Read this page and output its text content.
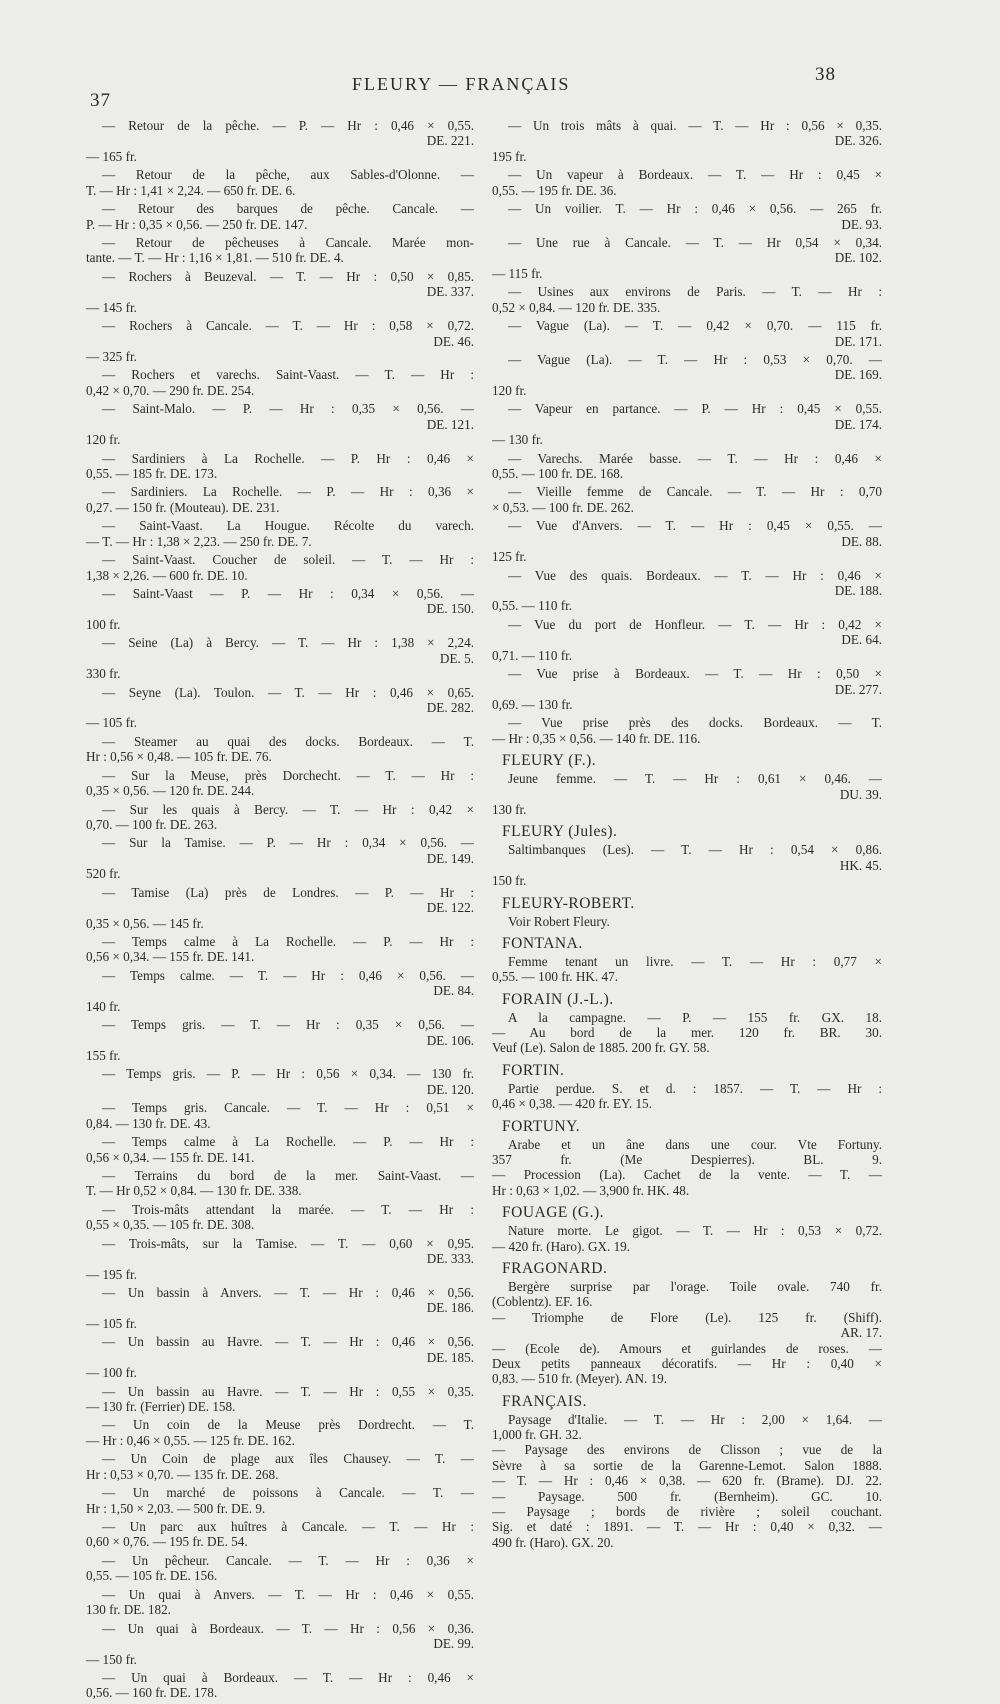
37
FLEURY — FRANÇAIS	38
— Retour de la pêche. — P. — Hr : 0,46 × 0,55.
DE. 221.
— 165 fr.
— Retour de la pêche, aux Sables-d'Olonne. —
T. — Hr : 1,41 × 2,24. — 650 fr. DE. 6.
— Retour des barques de pêche. Cancale. —
P. — Hr : 0,35 × 0,56. — 250 fr. DE. 147.
— Retour de pêcheuses à Cancale. Marée mon-
tante. — T. — Hr : 1,16 × 1,81. — 510 fr. DE. 4.
— Rochers à Beuzeval. — T. — Hr : 0,50 × 0,85.
DE. 337.
— 145 fr.
— Rochers à Cancale. — T. — Hr : 0,58 × 0,72.
DE. 46.
— 325 fr.
— Rochers et varechs. Saint-Vaast. — T. — Hr :
0,42 × 0,70. — 290 fr. DE. 254.
— Saint-Malo. — P. — Hr : 0,35 × 0,56. —
DE. 121.
120 fr.
— Sardiniers à La Rochelle. — P. Hr : 0,46 ×
0,55. — 185 fr. DE. 173.
— Sardiniers. La Rochelle. — P. — Hr : 0,36 ×
0,27. — 150 fr. (Mouteau). DE. 231.
— Saint-Vaast. La Hougue. Récolte du varech.
— T. — Hr : 1,38 × 2,23. — 250 fr. DE. 7.
— Saint-Vaast. Coucher de soleil. — T. — Hr :
1,38 × 2,26. — 600 fr. DE. 10.
— Saint-Vaast — P. — Hr : 0,34 × 0,56. —
DE. 150.
100 fr.
— Seine (La) à Bercy. — T. — Hr : 1,38 × 2,24.
DE. 5.
330 fr.
— Seyne (La). Toulon. — T. — Hr : 0,46 × 0,65.
DE. 282.
— 105 fr.
— Steamer au quai des docks. Bordeaux. — T.
Hr : 0,56 × 0,48. — 105 fr. DE. 76.
— Sur la Meuse, près Dorchecht. — T. — Hr :
0,35 × 0,56. — 120 fr. DE. 244.
— Sur les quais à Bercy. — T. — Hr : 0,42 ×
0,70. — 100 fr. DE. 263.
— Sur la Tamise. — P. — Hr : 0,34 × 0,56. —
DE. 149.
520 fr.
— Tamise (La) près de Londres. — P. — Hr :
DE. 122.
0,35 × 0,56. — 145 fr.
— Temps calme à La Rochelle. — P. — Hr :
0,56 × 0,34. — 155 fr. DE. 141.
— Temps calme. — T. — Hr : 0,46 × 0,56. —
DE. 84.
140 fr.
— Temps gris. — T. — Hr : 0,35 × 0,56. —
DE. 106.
155 fr.
— Temps gris. — P. — Hr : 0,56 × 0,34. — 130 fr.
DE. 120.
— Temps gris. Cancale. — T. — Hr : 0,51 ×
0,84. — 130 fr. DE. 43.
— Temps calme à La Rochelle. — P. — Hr :
0,56 × 0,34. — 155 fr. DE. 141.
— Terrains du bord de la mer. Saint-Vaast. —
T. — Hr 0,52 × 0,84. — 130 fr. DE. 338.
— Trois-mâts attendant la marée. — T. — Hr :
0,55 × 0,35. — 105 fr. DE. 308.
— Trois-mâts, sur la Tamise. — T. — 0,60 × 0,95.
DE. 333.
— 195 fr.
— Un bassin à Anvers. — T. — Hr : 0,46 × 0,56.
DE. 186.
— 105 fr.
— Un bassin au Havre. — T. — Hr : 0,46 × 0,56.
DE. 185.
— 100 fr.
— Un bassin au Havre. — T. — Hr : 0,55 × 0,35.
— 130 fr. (Ferrier) DE. 158.
— Un coin de la Meuse près Dordrecht. — T.
— Hr : 0,46 × 0,55. — 125 fr. DE. 162.
— Un Coin de plage aux îles Chausey. — T. —
Hr : 0,53 × 0,70. — 135 fr. DE. 268.
— Un marché de poissons à Cancale. — T. —
Hr : 1,50 × 2,03. — 500 fr. DE. 9.
— Un parc aux huîtres à Cancale. — T. — Hr :
0,60 × 0,76. — 195 fr. DE. 54.
— Un pêcheur. Cancale. — T. — Hr : 0,36 ×
0,55. — 105 fr. DE. 156.
— Un quai à Anvers. — T. — Hr : 0,46 × 0,55.
130 fr. DE. 182.
— Un quai à Bordeaux. — T. — Hr : 0,56 × 0,36.
DE. 99.
— 150 fr.
— Un quai à Bordeaux. — T. — Hr : 0,46 ×
0,56. — 160 fr. DE. 178.
— Un trois mâts à quai. — T. — Hr : 0,56 × 0,35.
DE. 326.
195 fr.
— Un vapeur à Bordeaux. — T. — Hr : 0,45 ×
0,55. — 195 fr. DE. 36.
— Un voilier. T. — Hr : 0,46 × 0,56. — 265 fr.
DE. 93.
— Une rue à Cancale. — T. — Hr 0,54 × 0,34.
DE. 102.
— 115 fr.
— Usines aux environs de Paris. — T. — Hr :
0,52 × 0,84. — 120 fr. DE. 335.
— Vague (La). — T. — 0,42 × 0,70. — 115 fr.
DE. 171.
— Vague (La). — T. — Hr : 0,53 × 0,70. —
DE. 169.
120 fr.
— Vapeur en partance. — P. — Hr : 0,45 × 0,55.
DE. 174.
— 130 fr.
— Varechs. Marée basse. — T. — Hr : 0,46 ×
0,55. — 100 fr. DE. 168.
— Vieille femme de Cancale. — T. — Hr : 0,70
× 0,53. — 100 fr. DE. 262.
— Vue d'Anvers. — T. — Hr : 0,45 × 0,55. —
DE. 88.
125 fr.
— Vue des quais. Bordeaux. — T. — Hr : 0,46 ×
DE. 188.
0,55. — 110 fr.
— Vue du port de Honfleur. — T. — Hr : 0,42 ×
DE. 64.
0,71. — 110 fr.
— Vue prise à Bordeaux. — T. — Hr : 0,50 ×
DE. 277.
0,69. — 130 fr.
— Vue prise près des docks. Bordeaux. — T.
— Hr : 0,35 × 0,56. — 140 fr. DE. 116.
FLEURY (F.).
Jeune femme. — T. — Hr : 0,61 × 0,46. —
DU. 39.
130 fr.
FLEURY (Jules).
Saltimbanques (Les). — T. — Hr : 0,54 × 0,86.
HK. 45.
150 fr.
FLEURY-ROBERT.
Voir Robert Fleury.
FONTANA.
Femme tenant un livre. — T. — Hr : 0,77 ×
0,55. — 100 fr. HK. 47.
FORAIN (J.-L.).
A la campagne. — P. — 155 fr. GX. 18.
— Au bord de la mer. 120 fr. BR. 30.
Veuf (Le). Salon de 1885. 200 fr. GY. 58.
FORTIN.
Partie perdue. S. et d. : 1857. — T. — Hr :
0,46 × 0,38. — 420 fr. EY. 15.
FORTUNY.
Arabe et un âne dans une cour. Vte Fortuny.
357 fr. (Me Despierres). BL. 9.
— Procession (La). Cachet de la vente. — T. —
Hr : 0,63 × 1,02. — 3,900 fr. HK. 48.
FOUAGE (G.).
Nature morte. Le gigot. — T. — Hr : 0,53 × 0,72.
— 420 fr. (Haro). GX. 19.
FRAGONARD.
Bergère surprise par l'orage. Toile ovale. 740 fr.
(Coblentz). EF. 16.
— Triomphe de Flore (Le). 125 fr. (Shiff).
AR. 17.
— (Ecole de). Amours et guirlandes de roses. —
Deux petits panneaux décoratifs. — Hr : 0,40 ×
0,83. — 510 fr. (Meyer). AN. 19.
FRANÇAIS.
Paysage d'Italie. — T. — Hr : 2,00 × 1,64. —
1,000 fr. GH. 32.
— Paysage des environs de Clisson ; vue de la
Sèvre à sa sortie de la Garenne-Lemot. Salon 1888.
— T. — Hr : 0,46 × 0,38. — 620 fr. (Brame). DJ. 22.
— Paysage. 500 fr. (Bernheim). GC. 10.
— Paysage ; bords de rivière ; soleil couchant.
Sig. et daté : 1891. — T. — Hr : 0,40 × 0,32. —
490 fr. (Haro). GX. 20.
